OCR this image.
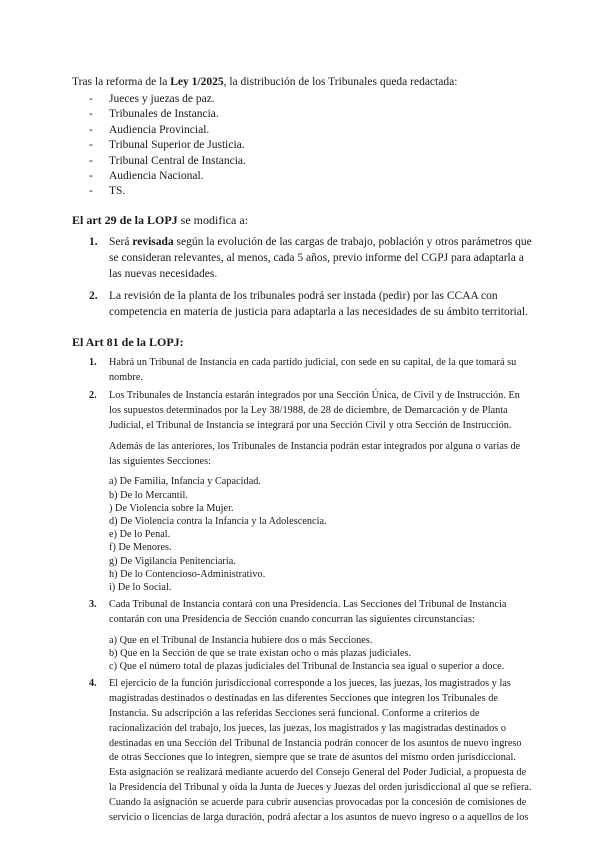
Tras la reforma de la Ley 1/2025, la distribución de los Tribunales queda redactada:

- Jueces y juezas de paz.
- Tribunales de Instancia.
- Audiencia Provincial.
- Tribunal Superior de Justicia.
- Tribunal Central de Instancia.
- Audiencia Nacional.
- TS.

El art 29 de la LOPJ se modifica a:

1. Será revisada según la evolución de las cargas de trabajo, población y otros parámetros que se consideran relevantes, al menos, cada 5 años, previo informe del CGPJ para adaptarla a las nuevas necesidades.
2. La revisión de la planta de los tribunales podrá ser instada (pedir) por las CCAA con competencia en materia de justicia para adaptarla a las necesidades de su ámbito territorial.

El Art 81 de la LOPJ:

1. Habrá un Tribunal de Instancia en cada partido judicial, con sede en su capital, de la que tomará su nombre.
2. Los Tribunales de Instancia estarán integrados por una Sección Única, de Civil y de Instrucción. En los supuestos determinados por la Ley 38/1988, de 28 de diciembre, de Demarcación y de Planta Judicial, el Tribunal de Instancia se integrará por una Sección Civil y otra Sección de Instrucción.

Además de las anteriores, los Tribunales de Instancia podrán estar integrados por alguna o varias de las siguientes Secciones:

a) De Familia, Infancia y Capacidad.
b) De lo Mercantil.
) De Violencia sobre la Mujer.
d) De Violencia contra la Infancia y la Adolescencia.
e) De lo Penal.
f) De Menores.
g) De Vigilancia Penitenciaria.
h) De lo Contencioso-Administrativo.
i) De lo Social.
3. Cada Tribunal de Instancia contará con una Presidencia. Las Secciones del Tribunal de Instancia contarán con una Presidencia de Sección cuando concurran las siguientes circunstancias:

a) Que en el Tribunal de Instancia hubiere dos o más Secciones.
b) Que en la Sección de que se trate existan ocho o más plazas judiciales.
c) Que el número total de plazas judiciales del Tribunal de Instancia sea igual o superior a doce.
4. El ejercicio de la función jurisdiccional corresponde a los jueces, las juezas, los magistrados y las magistradas destinados o destinadas en las diferentes Secciones que integren los Tribunales de Instancia. Su adscripción a las referidas Secciones será funcional. Conforme a criterios de racionalización del trabajo, los jueces, las juezas, los magistrados y las magistradas destinados o destinadas en una Sección del Tribunal de Instancia podrán conocer de los asuntos de nuevo ingreso de otras Secciones que lo integren, siempre que se trate de asuntos del mismo orden jurisdiccional. Esta asignación se realizará mediante acuerdo del Consejo General del Poder Judicial, a propuesta de la Presidencia del Tribunal y oída la Junta de Jueces y Juezas del orden jurisdiccional al que se refiera. Cuando la asignación se acuerde para cubrir ausencias provocadas por la concesión de comisiones de servicio o licencias de larga duración, podrá afectar a los asuntos de nuevo ingreso o a aquellos de los
